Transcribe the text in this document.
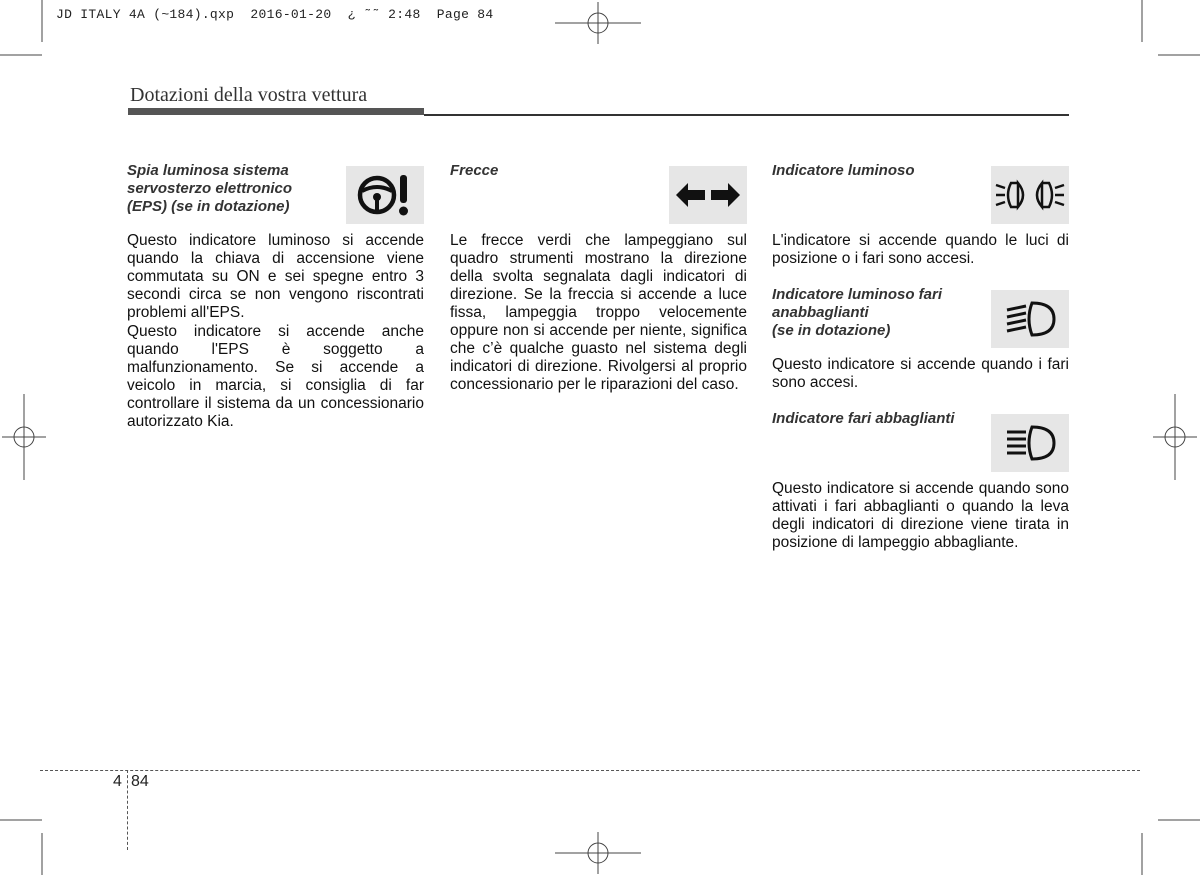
JD ITALY 4A (~184).qxp  2016-01-20  ¿ ˜˜ 2:48  Page 84
Dotazioni della vostra vettura
Spia luminosa sistema
servosterzo elettronico
(EPS) (se in dotazione)

Questo indicatore luminoso si accende quando la chiava di accensione viene commutata su ON e sei spegne entro 3 secondi circa se non vengono riscontrati problemi all'EPS.

Questo indicatore si accende anche quando l'EPS è soggetto a malfunzionamento. Se si accende a veicolo in marcia, si consiglia di far controllare il sistema da un concessionario autorizzato Kia.

Frecce

Le frecce verdi che lampeggiano sul quadro strumenti mostrano la direzione della svolta segnalata dagli indicatori di direzione. Se la freccia si accende a luce fissa, lampeggia troppo velocemente oppure non si accende per niente, significa che c’è qualche guasto nel sistema degli indicatori di direzione. Rivolgersi al proprio concessionario per le riparazioni del caso.

Indicatore luminoso

L'indicatore si accende quando le luci di posizione o i fari sono accesi.

Indicatore luminoso fari
anabbaglianti
(se in dotazione)

Questo indicatore si accende quando i fari sono accesi.

Indicatore fari abbaglianti

Questo indicatore si accende quando sono attivati i fari abbaglianti o quando la leva degli indicatori di direzione viene tirata in posizione di lampeggio abbagliante.

4 84
